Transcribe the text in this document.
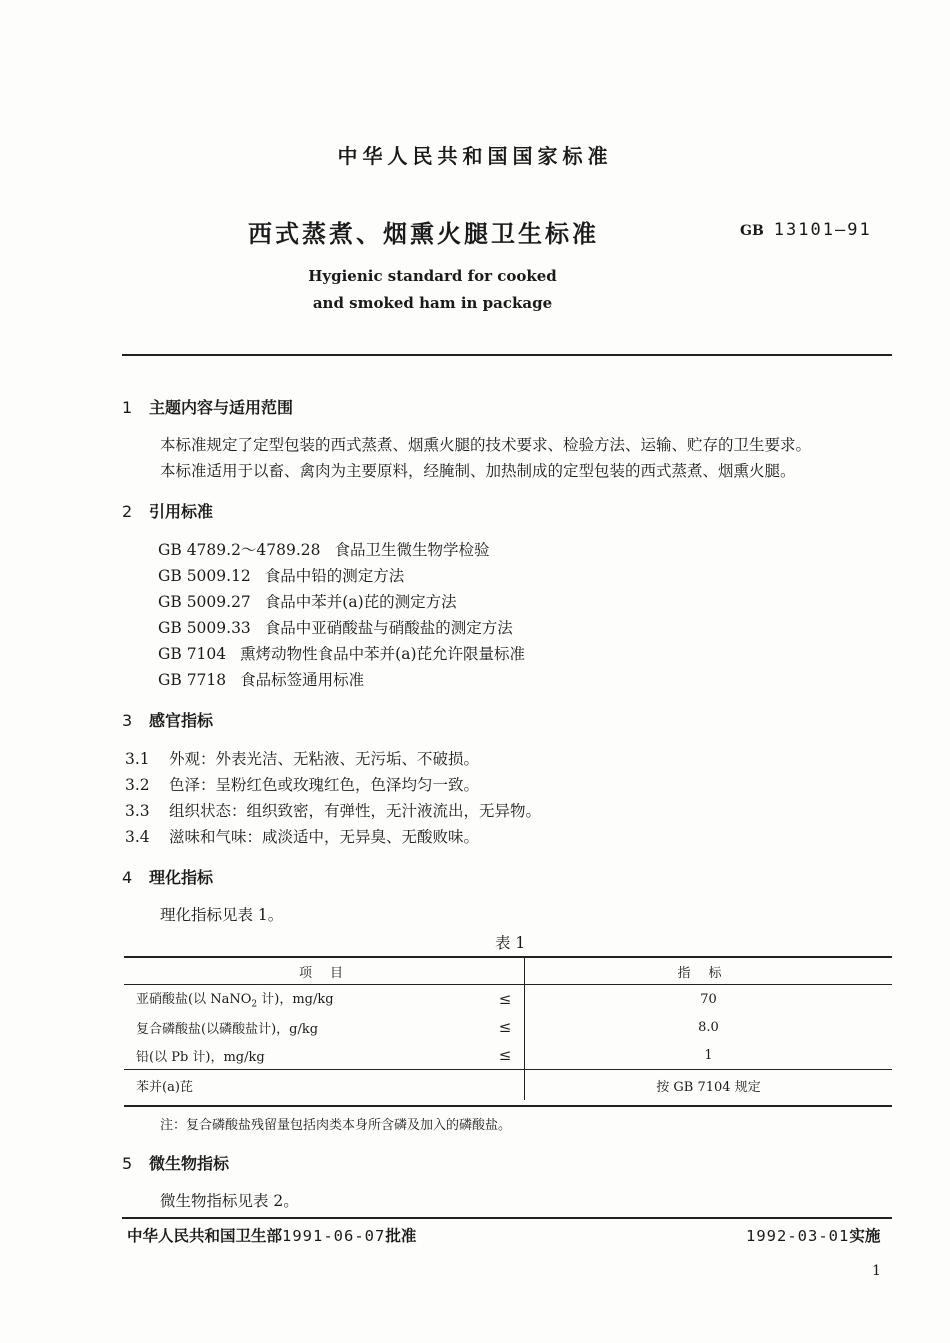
中华人民共和国国家标准
西式蒸煮、烟熏火腿卫生标准	GB 13101—91
Hygienic standard for cooked
and smoked ham in package
1 主题内容与适用范围
本标准规定了定型包装的西式蒸煮、烟熏火腿的技术要求、检验方法、运输、贮存的卫生要求。
本标准适用于以畜、禽肉为主要原料，经腌制、加热制成的定型包装的西式蒸煮、烟熏火腿。
2 引用标准
GB 4789.2～4789.28 食品卫生微生物学检验
GB 5009.12 食品中铅的测定方法
GB 5009.27 食品中苯并(a)芘的测定方法
GB 5009.33 食品中亚硝酸盐与硝酸盐的测定方法
GB 7104 熏烤动物性食品中苯并(a)芘允许限量标准
GB 7718 食品标签通用标准
3 感官指标
3.1 外观：外表光洁、无粘液、无污垢、不破损。
3.2 色泽：呈粉红色或玫瑰红色，色泽均匀一致。
3.3 组织状态：组织致密，有弹性，无汁液流出，无异物。
3.4 滋味和气味：咸淡适中，无异臭、无酸败味。
4 理化指标
理化指标见表 1。
表 1
项目		指标
亚硝酸盐(以 NaNO$_2$ 计)，mg/kg	≤	70
复合磷酸盐(以磷酸盐计)，g/kg	≤	8.0
铅(以 Pb 计)，mg/kg	≤	1
苯并(a)芘		按 GB 7104 规定
注：复合磷酸盐残留量包括肉类本身所含磷及加入的磷酸盐。
5 微生物指标
微生物指标见表 2。
中华人民共和国卫生部1991-06-07批准	1992-03-01实施
1
